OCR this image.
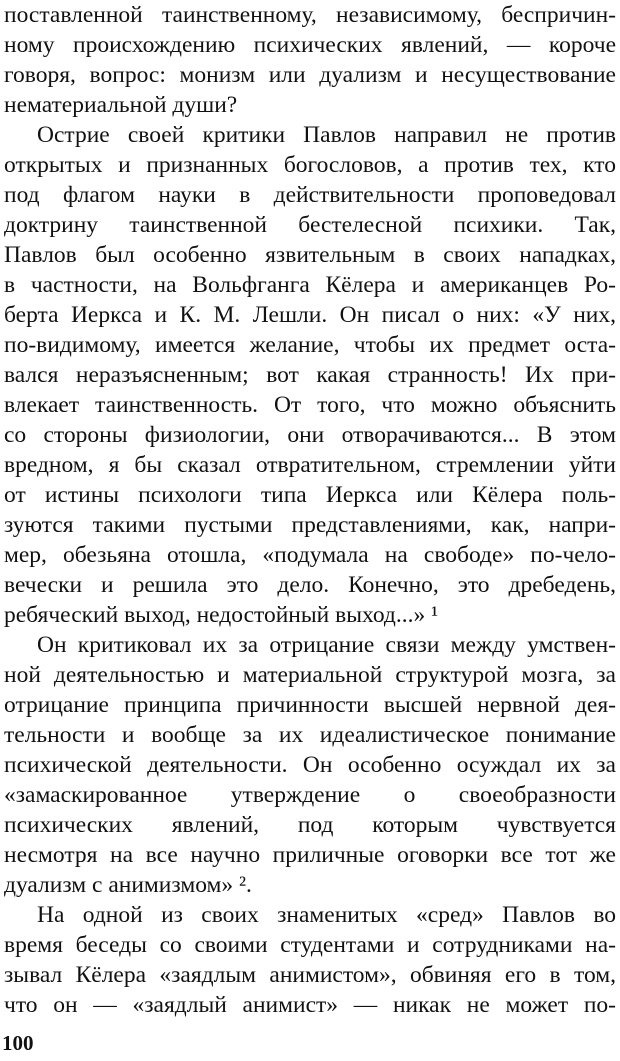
поставленной таинственному, независимому, беспричин-
ному происхождению психических явлений, — короче
говоря, вопрос: монизм или дуализм и несуществование
нематериальной души?
Острие своей критики Павлов направил не против
открытых и признанных богословов, а против тех, кто
под флагом науки в действительности проповедовал
доктрину таинственной бестелесной психики. Так,
Павлов был особенно язвительным в своих нападках,
в частности, на Вольфганга Кёлера и американцев Ро-
берта Иеркса и К. М. Лешли. Он писал о них: «У них,
по-видимому, имеется желание, чтобы их предмет оста-
вался неразъясненным; вот какая странность! Их при-
влекает таинственность. От того, что можно объяснить
со стороны физиологии, они отворачиваются... В этом
вредном, я бы сказал отвратительном, стремлении уйти
от истины психологи типа Иеркса или Кёлера поль-
зуются такими пустыми представлениями, как, напри-
мер, обезьяна отошла, «подумала на свободе» по-чело-
вечески и решила это дело. Конечно, это дребедень,
ребяческий выход, недостойный выход...» ¹
Он критиковал их за отрицание связи между умствен-
ной деятельностью и материальной структурой мозга, за
отрицание принципа причинности высшей нервной дея-
тельности и вообще за их идеалистическое понимание
психической деятельности. Он особенно осуждал их за
«замаскированное утверждение о своеобразности
психических явлений, под которым чувствуется
несмотря на все научно приличные оговорки все тот же
дуализм с анимизмом» ².
На одной из своих знаменитых «сред» Павлов во
время беседы со своими студентами и сотрудниками на-
зывал Кёлера «заядлым анимистом», обвиняя его в том,
что он — «заядлый анимист» — никак не может по-
100
